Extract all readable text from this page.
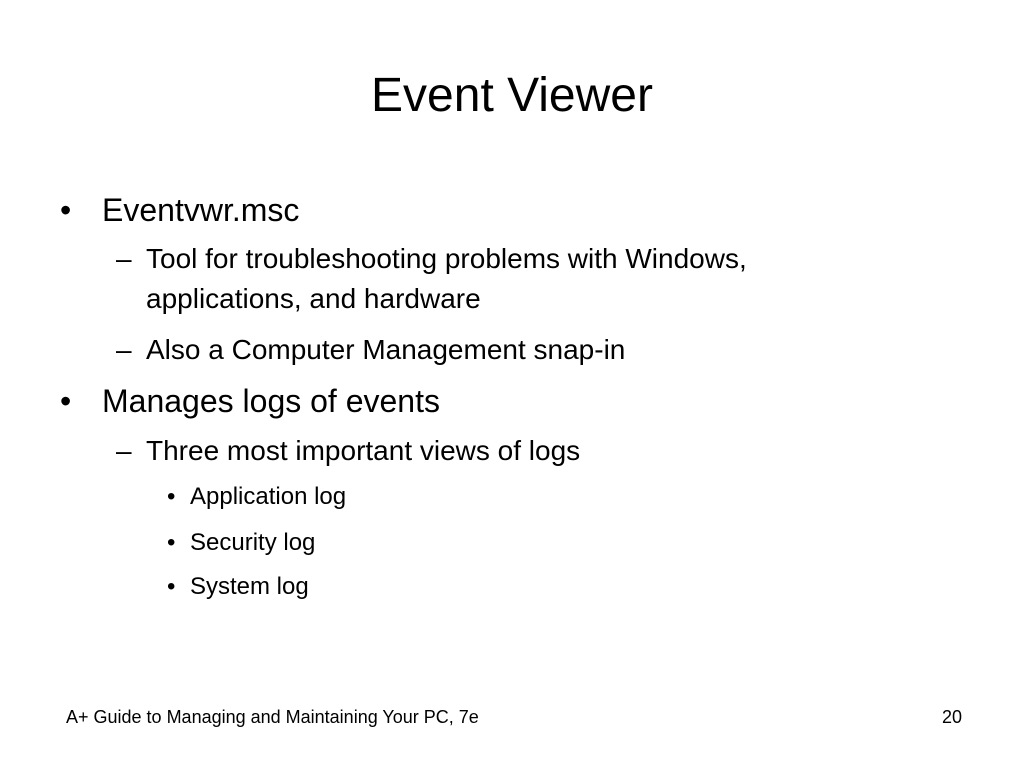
Event Viewer
• Eventvwr.msc
– Tool for troubleshooting problems with Windows,
applications, and hardware
– Also a Computer Management snap-in
• Manages logs of events
– Three most important views of logs
• Application log
• Security log
• System log
A+ Guide to Managing and Maintaining Your PC, 7e	20
